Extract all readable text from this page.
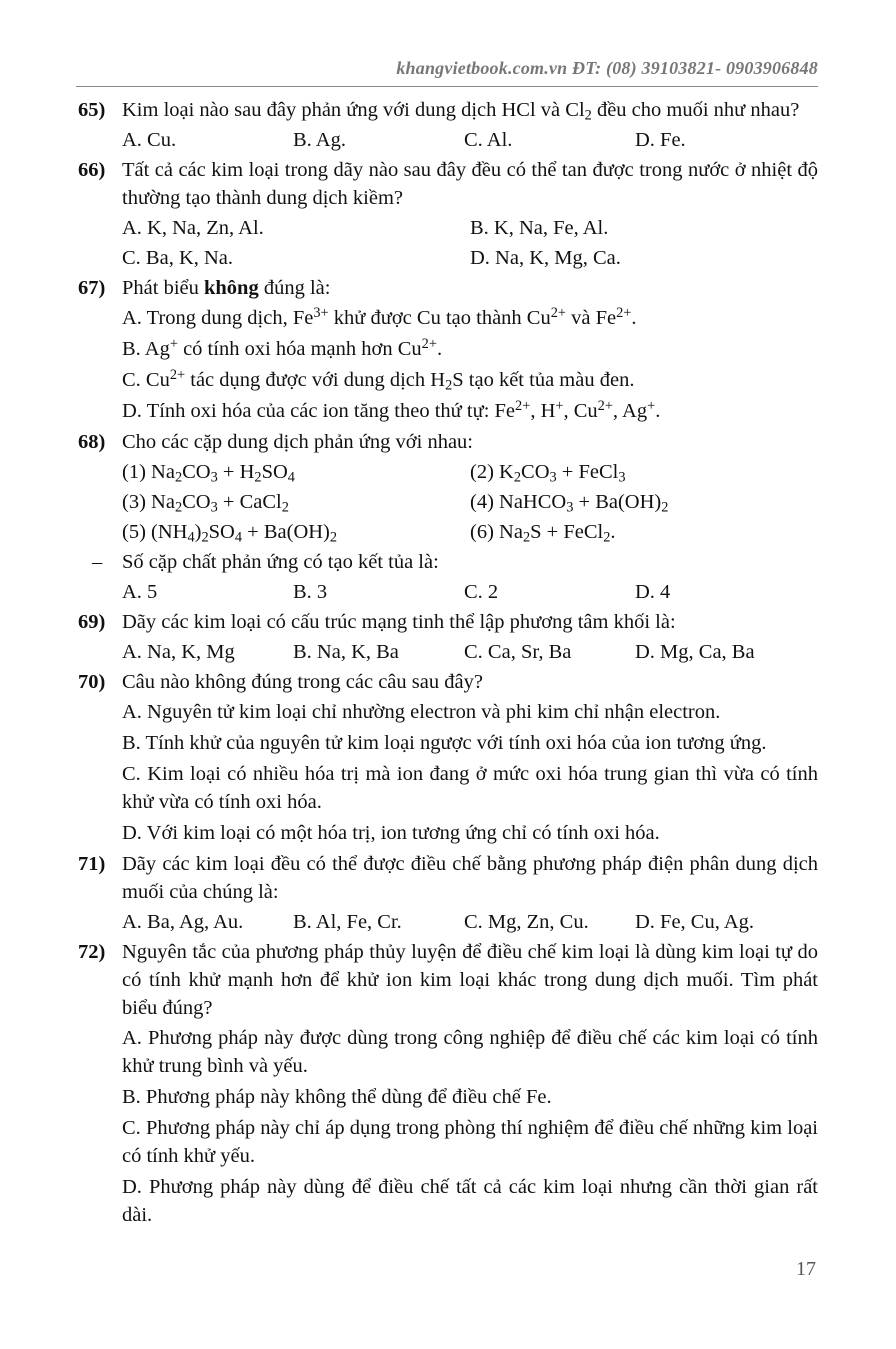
khangvietbook.com.vn ĐT: (08) 39103821- 0903906848
65) Kim loại nào sau đây phản ứng với dung dịch HCl và $Cl_2$ đều cho muối như nhau?
A. Cu.	B. Ag.	C. Al.	D. Fe.
66) Tất cả các kim loại trong dãy nào sau đây đều có thể tan được trong nước ở nhiệt độ thường tạo thành dung dịch kiềm?
A. K, Na, Zn, Al.	B. K, Na, Fe, Al.
C. Ba, K, Na.	D. Na, K, Mg, Ca.
67) Phát biểu không đúng là:
A. Trong dung dịch, $Fe^{3+}$ khử được Cu tạo thành $Cu^{2+}$ và $Fe^{2+}$.
B. Ag+ có tính oxi hóa mạnh hơn $Cu^{2+}$.
C. $Cu^{2+}$ tác dụng được với dung dịch $H_2S$ tạo kết tủa màu đen.
D. Tính oxi hóa của các ion tăng theo thứ tự: $Fe^{2+}$, H+, $Cu^{2+}$, Ag+.
68) Cho các cặp dung dịch phản ứng với nhau:
(1) $Na_2CO_3 + H_2SO_4$	(2) $K_2CO_3$ + FeCl$_3$
(3) $Na_2CO_3$ + CaCl$_2$	(4) NaHCO$_3$ + $Ba(OH)_2$
(5) $(NH_4)_2SO_4 + Ba(OH)_2$	(6) $Na_2S$ + FeCl$_2$.
– Số cặp chất phản ứng có tạo kết tủa là:
A. 5	B. 3	C. 2	D. 4
69) Dãy các kim loại có cấu trúc mạng tinh thể lập phương tâm khối là:
A. Na, K, Mg	B. Na, K, Ba	C. Ca, Sr, Ba	D. Mg, Ca, Ba
70) Câu nào không đúng trong các câu sau đây?
A. Nguyên tử kim loại chỉ nhường electron và phi kim chỉ nhận electron.
B. Tính khử của nguyên tử kim loại ngược với tính oxi hóa của ion tương ứng.
C. Kim loại có nhiều hóa trị mà ion đang ở mức oxi hóa trung gian thì vừa có tính khử vừa có tính oxi hóa.
D. Với kim loại có một hóa trị, ion tương ứng chỉ có tính oxi hóa.
71) Dãy các kim loại đều có thể được điều chế bằng phương pháp điện phân dung dịch muối của chúng là:
A. Ba, Ag, Au.	B. Al, Fe, Cr.	C. Mg, Zn, Cu.	D. Fe, Cu, Ag.
72) Nguyên tắc của phương pháp thủy luyện để điều chế kim loại là dùng kim loại tự do có tính khử mạnh hơn để khử ion kim loại khác trong dung dịch muối. Tìm phát biểu đúng?
A. Phương pháp này được dùng trong công nghiệp để điều chế các kim loại có tính khử trung bình và yếu.
B. Phương pháp này không thể dùng để điều chế Fe.
C. Phương pháp này chỉ áp dụng trong phòng thí nghiệm để điều chế những kim loại có tính khử yếu.
D. Phương pháp này dùng để điều chế tất cả các kim loại nhưng cần thời gian rất dài.
17
